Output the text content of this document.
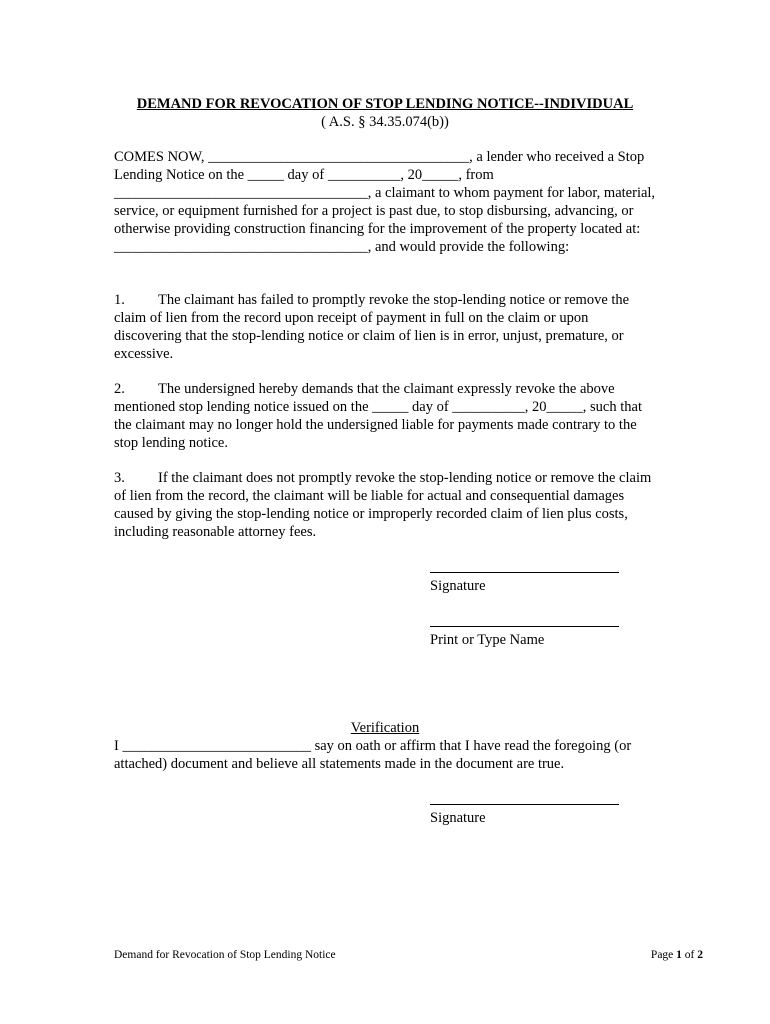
DEMAND FOR REVOCATION OF STOP LENDING NOTICE--INDIVIDUAL
( A.S. § 34.35.074(b))
COMES NOW, ____________________________________, a lender who received a Stop Lending Notice on the _____ day of __________, 20_____, from ___________________________________, a claimant to whom payment for labor, material, service, or equipment furnished for a project is past due, to stop disbursing, advancing, or otherwise providing construction financing for the improvement of the property located at: ___________________________________, and would provide the following:
1. The claimant has failed to promptly revoke the stop-lending notice or remove the claim of lien from the record upon receipt of payment in full on the claim or upon discovering that the stop-lending notice or claim of lien is in error, unjust, premature, or excessive.
2. The undersigned hereby demands that the claimant expressly revoke the above mentioned stop lending notice issued on the _____ day of __________, 20_____, such that the claimant may no longer hold the undersigned liable for payments made contrary to the stop lending notice.
3. If the claimant does not promptly revoke the stop-lending notice or remove the claim of lien from the record, the claimant will be liable for actual and consequential damages caused by giving the stop-lending notice or improperly recorded claim of lien plus costs, including reasonable attorney fees.
Signature
Print or Type Name
Verification
I __________________________ say on oath or affirm that I have read the foregoing (or attached) document and believe all statements made in the document are true.
Signature
Demand for Revocation of Stop Lending Notice	Page 1 of 2
